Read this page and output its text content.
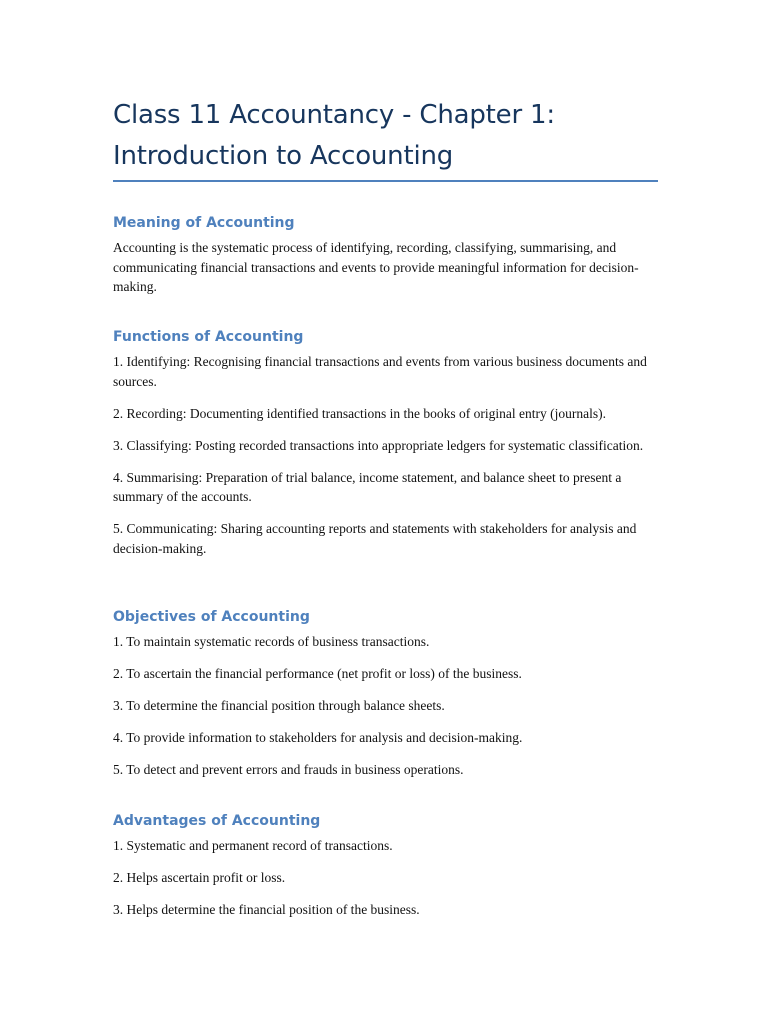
Class 11 Accountancy - Chapter 1: Introduction to Accounting
Meaning of Accounting

Accounting is the systematic process of identifying, recording, classifying, summarising, and communicating financial transactions and events to provide meaningful information for decision-making.

Functions of Accounting

1. Identifying: Recognising financial transactions and events from various business documents and sources.

2. Recording: Documenting identified transactions in the books of original entry (journals).

3. Classifying: Posting recorded transactions into appropriate ledgers for systematic classification.

4. Summarising: Preparation of trial balance, income statement, and balance sheet to present a summary of the accounts.

5. Communicating: Sharing accounting reports and statements with stakeholders for analysis and decision-making.

Objectives of Accounting

1. To maintain systematic records of business transactions.

2. To ascertain the financial performance (net profit or loss) of the business.

3. To determine the financial position through balance sheets.

4. To provide information to stakeholders for analysis and decision-making.

5. To detect and prevent errors and frauds in business operations.

Advantages of Accounting

1. Systematic and permanent record of transactions.

2. Helps ascertain profit or loss.

3. Helps determine the financial position of the business.
